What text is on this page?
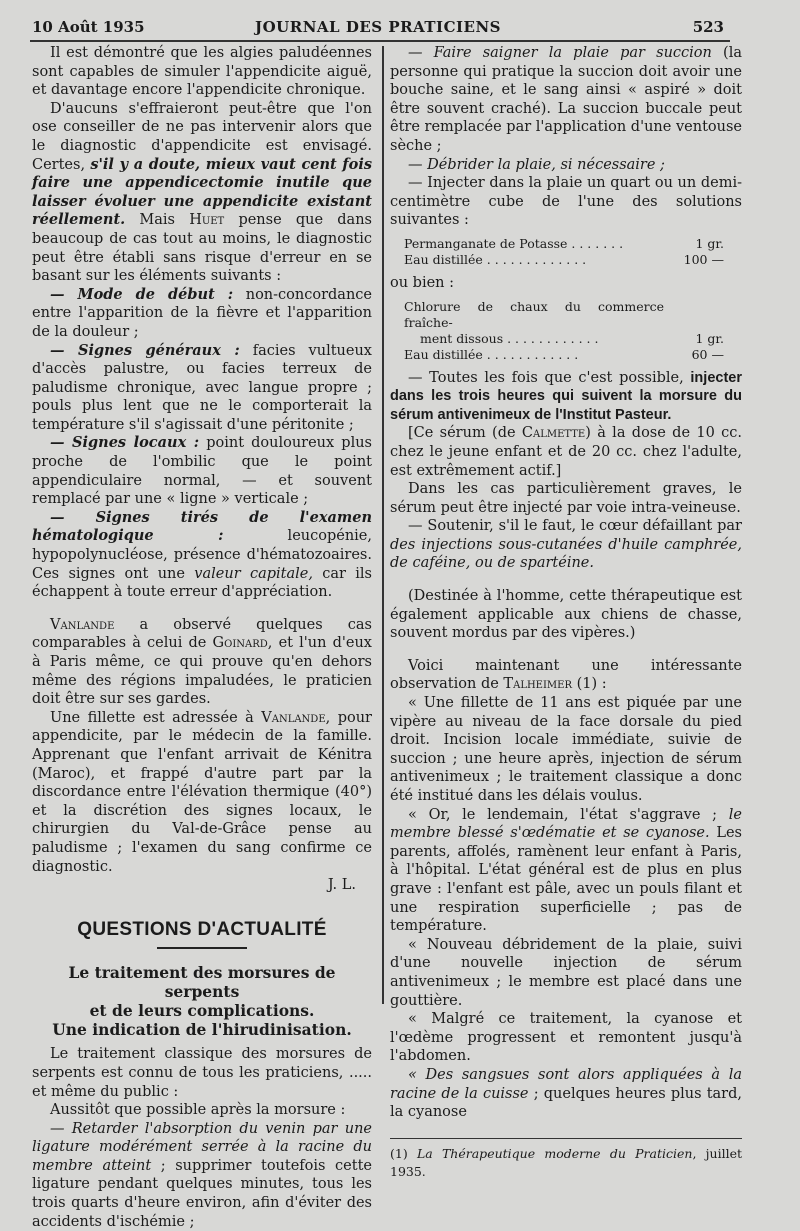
10 Août 1935	JOURNAL DES PRATICIENS	523

Il est démontré que les algies paludéennes sont capables de simuler l'appendicite aiguë, et davantage encore l'appendicite chronique.

D'aucuns s'effraieront peut-être que l'on ose conseiller de ne pas intervenir alors que le diagnostic d'appendicite est envisagé. Certes, s'il y a doute, mieux vaut cent fois faire une appendicectomie inutile que laisser évoluer une appendicite existant réellement. Mais Huet pense que dans beaucoup de cas tout au moins, le diagnostic peut être établi sans risque d'erreur en se basant sur les éléments suivants :

— Mode de début : non-concordance entre l'apparition de la fièvre et l'apparition de la douleur ;

— Signes généraux : facies vultueux d'accès palustre, ou facies terreux de paludisme chronique, avec langue propre ; pouls plus lent que ne le comporterait la température s'il s'agissait d'une péritonite ;

— Signes locaux : point douloureux plus proche de l'ombilic que le point appendiculaire normal, — et souvent remplacé par une « ligne » verticale ;

— Signes tirés de l'examen hématologique : leucopénie, hypopolynucléose, présence d'hématozoaires. Ces signes ont une valeur capitale, car ils échappent à toute erreur d'appréciation.

Vanlande a observé quelques cas comparables à celui de Goinard, et l'un d'eux à Paris même, ce qui prouve qu'en dehors même des régions impaludées, le praticien doit être sur ses gardes.

Une fillette est adressée à Vanlande, pour appendicite, par le médecin de la famille. Apprenant que l'enfant arrivait de Kénitra (Maroc), et frappé d'autre part par la discordance entre l'élévation thermique (40°) et la discrétion des signes locaux, le chirurgien du Val-de-Grâce pense au paludisme ; l'examen du sang confirme ce diagnostic.

J. L.

QUESTIONS D'ACTUALITÉ
Le traitement des morsures de serpents
et de leurs complications.
Une indication de l'hirudinisation.

Le traitement classique des morsures de serpents est connu de tous les praticiens, ..... et même du public :

Aussitôt que possible après la morsure :

— Retarder l'absorption du venin par une ligature modérément serrée à la racine du membre atteint ; supprimer toutefois cette ligature pendant quelques minutes, tous les trois quarts d'heure environ, afin d'éviter des accidents d'ischémie ;

— Faire saigner la plaie par succion (la personne qui pratique la succion doit avoir une bouche saine, et le sang ainsi « aspiré » doit être souvent craché). La succion buccale peut être remplacée par l'application d'une ventouse sèche ;

— Débrider la plaie, si nécessaire ;

— Injecter dans la plaie un quart ou un demi-centimètre cube de l'une des solutions suivantes :

Permanganate de Potasse . . . . . . .	1 gr.
Eau distillée . . . . . . . . . . . . .	100 —

ou bien :

Chlorure de chaux du commerce fraîche-	
ment dissous . . . . . . . . . . . .	1 gr.
Eau distillée . . . . . . . . . . . .	60 —

— Toutes les fois que c'est possible, injecter dans les trois heures qui suivent la morsure du sérum antivenimeux de l'Institut Pasteur.

[Ce sérum (de Calmette) à la dose de 10 cc. chez le jeune enfant et de 20 cc. chez l'adulte, est extrêmement actif.]

Dans les cas particulièrement graves, le sérum peut être injecté par voie intra-veineuse.

— Soutenir, s'il le faut, le cœur défaillant par des injections sous-cutanées d'huile camphrée, de caféine, ou de spartéine.

(Destinée à l'homme, cette thérapeutique est également applicable aux chiens de chasse, souvent mordus par des vipères.)

Voici maintenant une intéressante observation de Talheimer (1) :

« Une fillette de 11 ans est piquée par une vipère au niveau de la face dorsale du pied droit. Incision locale immédiate, suivie de succion ; une heure après, injection de sérum antivenimeux ; le traitement classique a donc été institué dans les délais voulus.

« Or, le lendemain, l'état s'aggrave ; le membre blessé s'œdématie et se cyanose. Les parents, affolés, ramènent leur enfant à Paris, à l'hôpital. L'état général est de plus en plus grave : l'enfant est pâle, avec un pouls filant et une respiration superficielle ; pas de température.

« Nouveau débridement de la plaie, suivi d'une nouvelle injection de sérum antivenimeux ; le membre est placé dans une gouttière.

« Malgré ce traitement, la cyanose et l'œdème progressent et remontent jusqu'à l'abdomen.

« Des sangsues sont alors appliquées à la racine de la cuisse ; quelques heures plus tard, la cyanose

(1) La Thérapeutique moderne du Praticien, juillet 1935.
